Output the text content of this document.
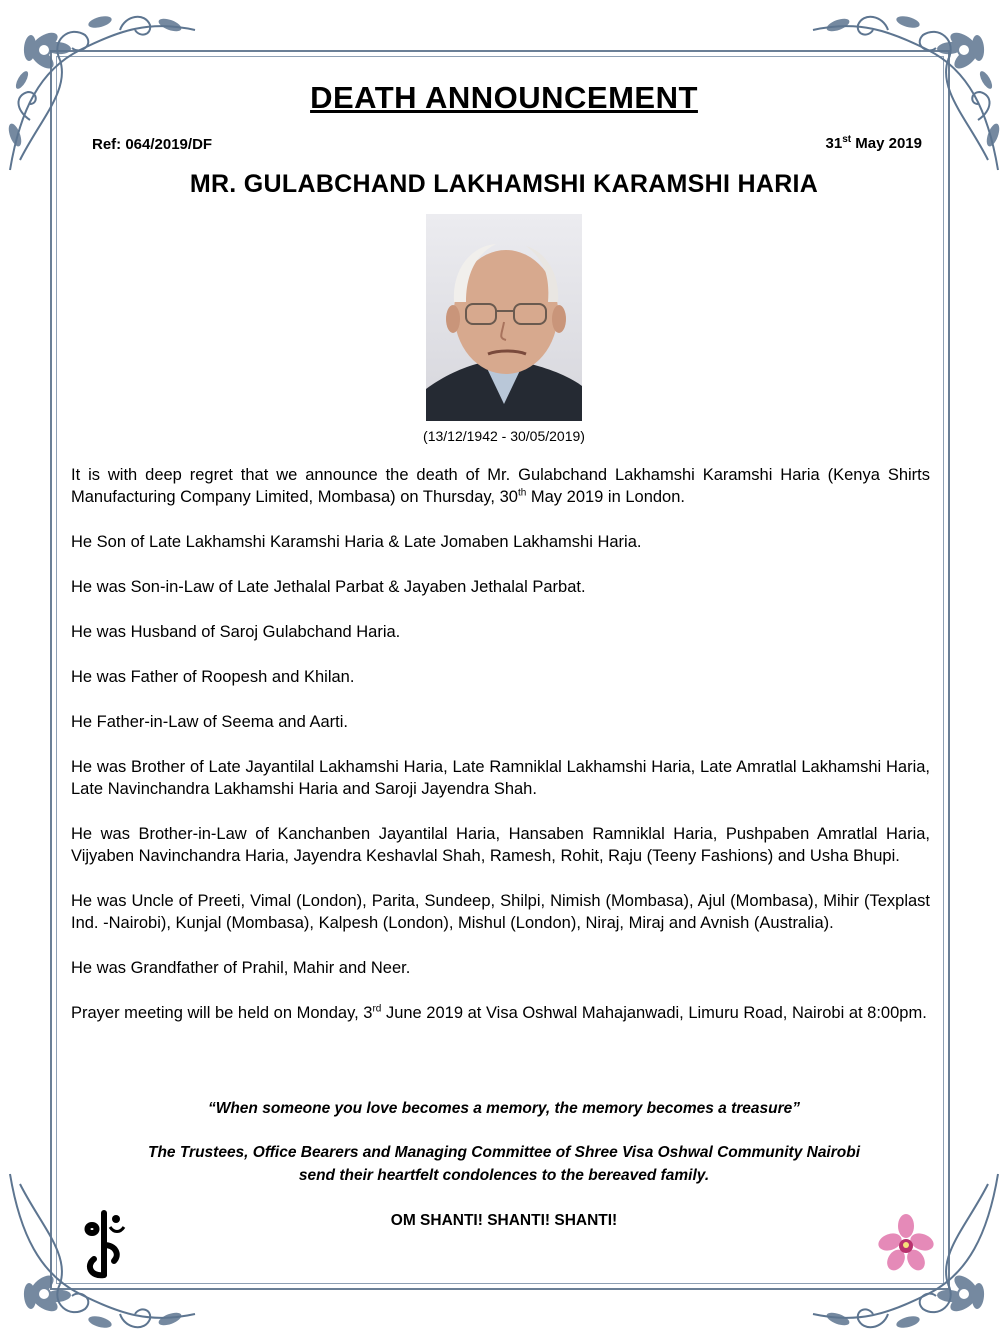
DEATH ANNOUNCEMENT
Ref: 064/2019/DF	31st May 2019
MR. GULABCHAND LAKHAMSHI KARAMSHI HARIA
(13/12/1942 - 30/05/2019)

It is with deep regret that we announce the death of Mr. Gulabchand Lakhamshi Karamshi Haria (Kenya Shirts Manufacturing Company Limited, Mombasa) on Thursday, 30th May 2019 in London.

He Son of Late Lakhamshi Karamshi Haria & Late Jomaben Lakhamshi Haria.

He was Son-in-Law of Late Jethalal Parbat & Jayaben Jethalal Parbat.

He was Husband of Saroj Gulabchand Haria.

He was Father of Roopesh and Khilan.

He Father-in-Law of Seema and Aarti.

He was Brother of Late Jayantilal Lakhamshi Haria, Late Ramniklal Lakhamshi Haria, Late Amratlal Lakhamshi Haria, Late Navinchandra Lakhamshi Haria and Saroji Jayendra Shah.

He was Brother-in-Law of Kanchanben Jayantilal Haria, Hansaben Ramniklal Haria, Pushpaben Amratlal Haria, Vijyaben Navinchandra Haria, Jayendra Keshavlal Shah, Ramesh, Rohit, Raju (Teeny Fashions) and Usha Bhupi.

He was Uncle of Preeti, Vimal (London), Parita, Sundeep, Shilpi, Nimish (Mombasa), Ajul (Mombasa), Mihir (Texplast Ind. -Nairobi), Kunjal (Mombasa), Kalpesh (London), Mishul (London), Niraj, Miraj and Avnish (Australia).

He was Grandfather of Prahil, Mahir and Neer.

Prayer meeting will be held on Monday, 3rd June 2019 at Visa Oshwal Mahajanwadi, Limuru Road, Nairobi at 8:00pm.

“When someone you love becomes a memory, the memory becomes a treasure”
The Trustees, Office Bearers and Managing Committee of Shree Visa Oshwal Community Nairobi
send their heartfelt condolences to the bereaved family.
OM SHANTI! SHANTI! SHANTI!
